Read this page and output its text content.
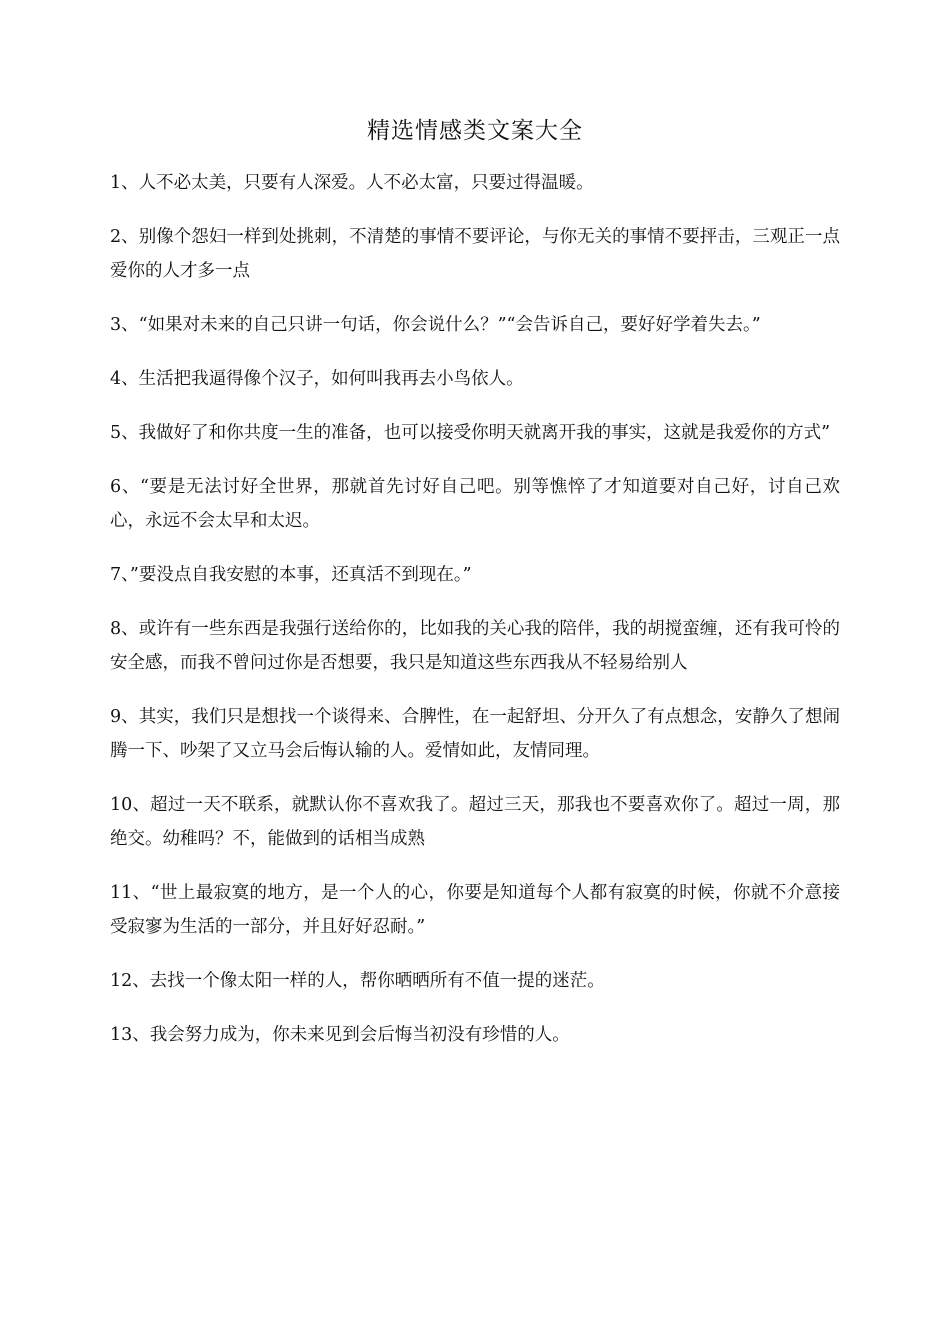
精选情感类文案大全

1、人不必太美，只要有人深爱。人不必太富，只要过得温暖。

2、别像个怨妇一样到处挑刺，不清楚的事情不要评论，与你无关的事情不要抨击，三观正一点爱你的人才多一点

3、“如果对未来的自己只讲一句话，你会说什么？”“会告诉自己，要好好学着失去。”

4、生活把我逼得像个汉子，如何叫我再去小鸟依人。

5、我做好了和你共度一生的准备，也可以接受你明天就离开我的事实，这就是我爱你的方式”

6、“要是无法讨好全世界，那就首先讨好自己吧。别等憔悴了才知道要对自己好，讨自己欢心，永远不会太早和太迟。

7、”要没点自我安慰的本事，还真活不到现在。”

8、或许有一些东西是我强行送给你的，比如我的关心我的陪伴，我的胡搅蛮缠，还有我可怜的安全感，而我不曾问过你是否想要，我只是知道这些东西我从不轻易给别人

9、其实，我们只是想找一个谈得来、合脾性，在一起舒坦、分开久了有点想念，安静久了想闹腾一下、吵架了又立马会后悔认输的人。爱情如此，友情同理。

10、超过一天不联系，就默认你不喜欢我了。超过三天，那我也不要喜欢你了。超过一周，那绝交。幼稚吗？不，能做到的话相当成熟

11、“世上最寂寞的地方，是一个人的心，你要是知道每个人都有寂寞的时候，你就不介意接受寂寥为生活的一部分，并且好好忍耐。”

12、去找一个像太阳一样的人，帮你晒晒所有不值一提的迷茫。

13、我会努力成为，你未来见到会后悔当初没有珍惜的人。
